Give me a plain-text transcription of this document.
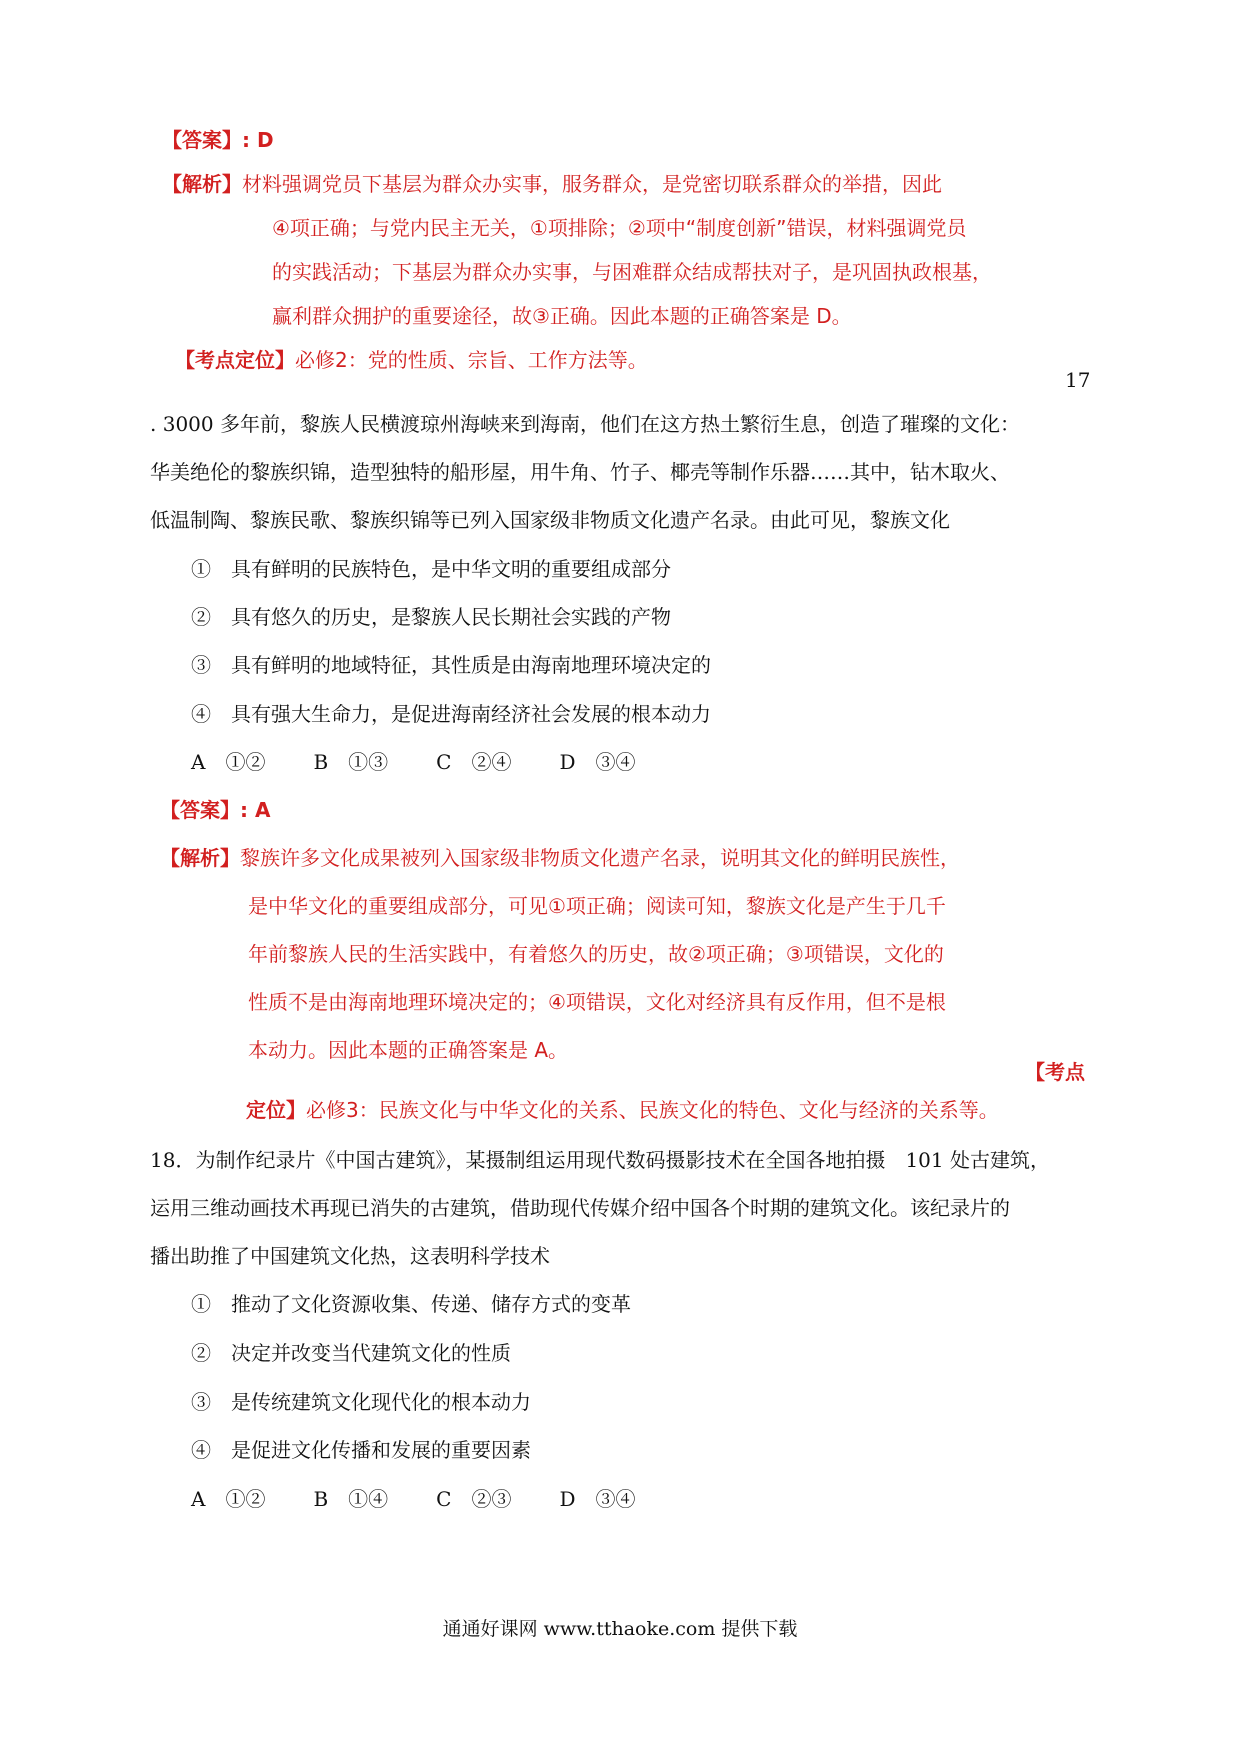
【答案】: D
【解析】材料强调党员下基层为群众办实事，服务群众，是党密切联系群众的举措，因此
④项正确；与党内民主无关，①项排除；②项中“制度创新”错误，材料强调党员
的实践活动；下基层为群众办实事，与困难群众结成帮扶对子，是巩固执政根基，
赢利群众拥护的重要途径，故③正确。因此本题的正确答案是 D。
【考点定位】必修2：党的性质、宗旨、工作方法等。
17
. 3000 多年前，黎族人民横渡琼州海峡来到海南，他们在这方热土繁衍生息，创造了璀璨的文化：
华美绝伦的黎族织锦，造型独特的船形屋，用牛角、竹子、椰壳等制作乐器……其中，钻木取火、
低温制陶、黎族民歌、黎族织锦等已列入国家级非物质文化遗产名录。由此可见，黎族文化
①　具有鲜明的民族特色，是中华文明的重要组成部分
②　具有悠久的历史，是黎族人民长期社会实践的产物
③　具有鲜明的地域特征，其性质是由海南地理环境决定的
④　具有强大生命力，是促进海南经济社会发展的根本动力
A　①② B　①③ C　②④ D　③④
【答案】: A
【解析】黎族许多文化成果被列入国家级非物质文化遗产名录，说明其文化的鲜明民族性，
是中华文化的重要组成部分，可见①项正确；阅读可知，黎族文化是产生于几千
年前黎族人民的生活实践中，有着悠久的历史，故②项正确；③项错误，文化的
性质不是由海南地理环境决定的；④项错误，文化对经济具有反作用，但不是根
本动力。因此本题的正确答案是 A。
【考点
定位】必修3：民族文化与中华文化的关系、民族文化的特色、文化与经济的关系等。
18．为制作纪录片《中国古建筑》，某摄制组运用现代数码摄影技术在全国各地拍摄　101 处古建筑，
运用三维动画技术再现已消失的古建筑，借助现代传媒介绍中国各个时期的建筑文化。该纪录片的
播出助推了中国建筑文化热，这表明科学技术
①　推动了文化资源收集、传递、储存方式的变革
②　决定并改变当代建筑文化的性质
③　是传统建筑文化现代化的根本动力
④　是促进文化传播和发展的重要因素
A　①② B　①④ C　②③ D　③④
通通好课网 www.tthaoke.com 提供下载
